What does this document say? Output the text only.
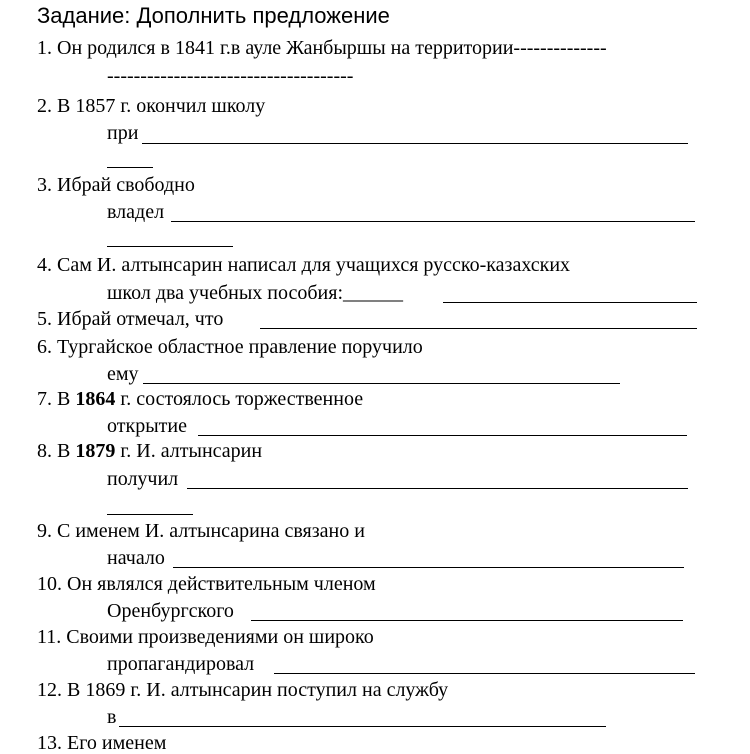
Задание: Дополнить предложение
1. Он родился в 1841 г.в ауле Жанбыршы на территории--------------
-------------------------------------
2. В 1857 г. окончил школу
при
3. Ибрай свободно
владел
4. Сам И. алтынсарин написал для учащихся русско-казахских
школ два учебных пособия:______
5. Ибрай отмечал, что
6. Тургайское областное правление поручило
ему
7. В 1864 г. состоялось торжественное
открытие
8. В 1879 г. И. алтынсарин
получил
9. С именем И. алтынсарина связано и
начало
10. Он являлся действительным членом
Оренбургского
11. Своими произведениями он широко
пропагандировал
12. В 1869 г. И. алтынсарин поступил на службу
в
13. Его именем
